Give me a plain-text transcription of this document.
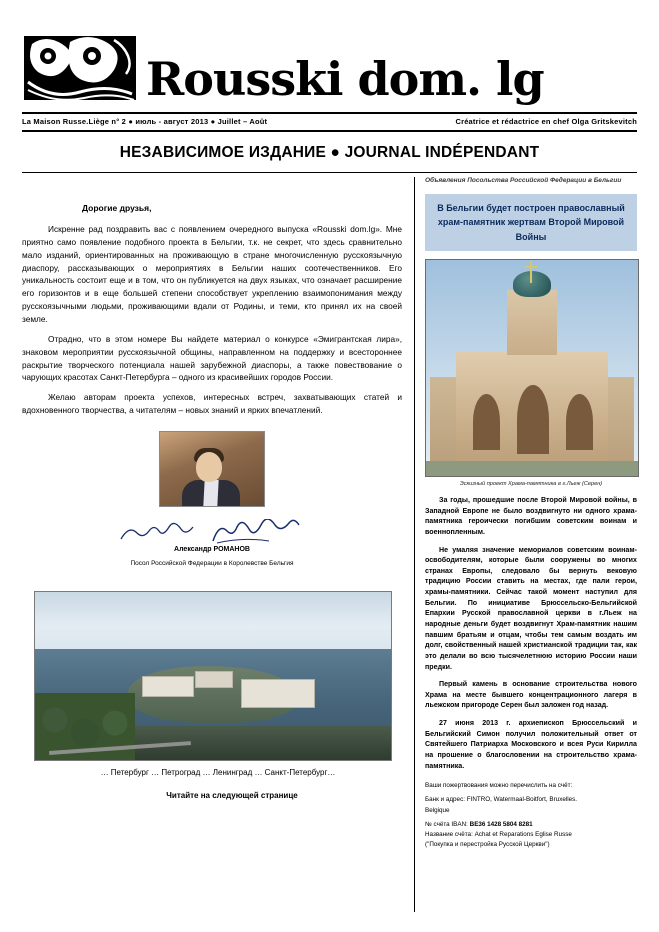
Rousski dom. lg
La Maison Russe.Liège n° 2 ● июль - август 2013 ● Juillet – Août	Créatrice et rédactrice en chef Olga Gritskevitch
НЕЗАВИСИМОЕ ИЗДАНИЕ ● JOURNAL INDÉPENDANT
Дорогие друзья,

Искренне рад поздравить вас с появлением очередного выпуска «Rousski dom.lg». Мне приятно само появление подобного проекта в Бельгии, т.к. не секрет, что здесь сравнительно мало изданий, ориентированных на проживающую в стране многочисленную русскоязычную диаспору, рассказывающих о мероприятиях в Бельгии наших соотечественников. Его уникальность состоит еще и в том, что он публикуется на двух языках, что означает расширение его горизонтов и в еще большей степени способствует укреплению взаимопонимания между русскоязычными людьми, проживающими вдали от Родины, и теми, кто принял их на своей земле.

Отрадно, что в этом номере Вы найдете материал о конкурсе «Эмигрантская лира», знаковом мероприятии русскоязычной общины, направленном на поддержку и всестороннее раскрытие творческого потенциала нашей зарубежной диаспоры, а также повествование о чарующих красотах Санкт-Петербурга – одного из красивейших городов России.

Желаю авторам проекта успехов, интересных встреч, захватывающих статей и вдохновенного творчества, а читателям – новых знаний и ярких впечатлений.

Александр РОМАНОВ
Посол Российской Федерации в Королевстве Бельгия
… Петербург … Петроград … Ленинград … Санкт-Петербург…
Читайте на следующей странице
Объявления Посольства Российской Федерации в Бельгии
В Бельгии будет построен православный храм-памятник жертвам Второй Мировой Войны
Эскизный проект Храма-памятника в г.Льеж (Серен)

За годы, прошедшие после Второй Мировой войны, в Западной Европе не было воздвигнуто ни одного храма-памятника героически погибшим советским воинам и военнопленным.

Не умаляя значение мемориалов советским воинам-освободителям, которые были сооружены во многих странах Европы, следовало бы вернуть вековую традицию России ставить на местах, где пали герои, храмы-памятники. Сейчас такой момент наступил для Бельгии. По инициативе Брюссельско-Бельгийской Епархии Русской православной церкви в г.Льеж на народные деньги будет воздвигнут Храм-памятник нашим павшим братьям и отцам, чтобы тем самым воздать им долг, свойственный нашей христианской традиции так, как это делали во всю тысячелетнюю историю России наши предки.

Первый камень в основание строительства нового Храма на месте бывшего концентрационного лагеря в льежском пригороде Серен был заложен год назад.

27 июня 2013 г. архиепископ Брюссельский и Бельгийский Симон получил положительный ответ от Святейшего Патриарха Московского и всея Руси Кирилла на прошение о благословении на строительство храма-памятника.

Ваши пожертвования можно перечислить на счёт:

Банк и адрес: FINTRO, Watermaal-Boitfort, Bruxelles.

Belgique

№ счёта IBAN: BE36 1428 5804 8281

Название счёта: Achat et Reparations Eglise Russe

("Покупка и перестройка Русской Церкви")
